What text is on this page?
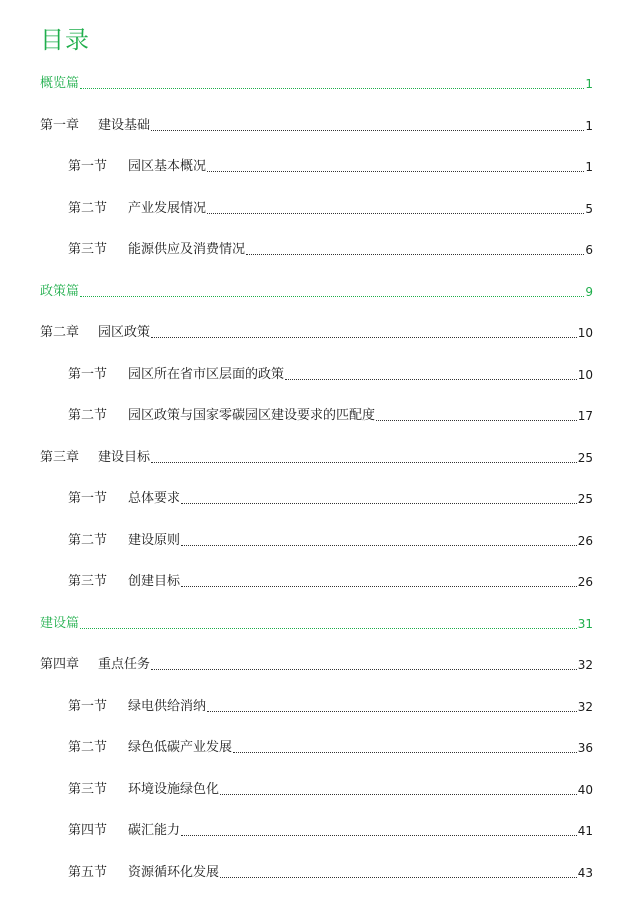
目录
概览篇	1
第一章	建设基础	1
第一节	园区基本概况	1
第二节	产业发展情况	5
第三节	能源供应及消费情况	6
政策篇	9
第二章	园区政策	10
第一节	园区所在省市区层面的政策	10
第二节	园区政策与国家零碳园区建设要求的匹配度	17
第三章	建设目标	25
第一节	总体要求	25
第二节	建设原则	26
第三节	创建目标	26
建设篇	31
第四章	重点任务	32
第一节	绿电供给消纳	32
第二节	绿色低碳产业发展	36
第三节	环境设施绿色化	40
第四节	碳汇能力	41
第五节	资源循环化发展	43
